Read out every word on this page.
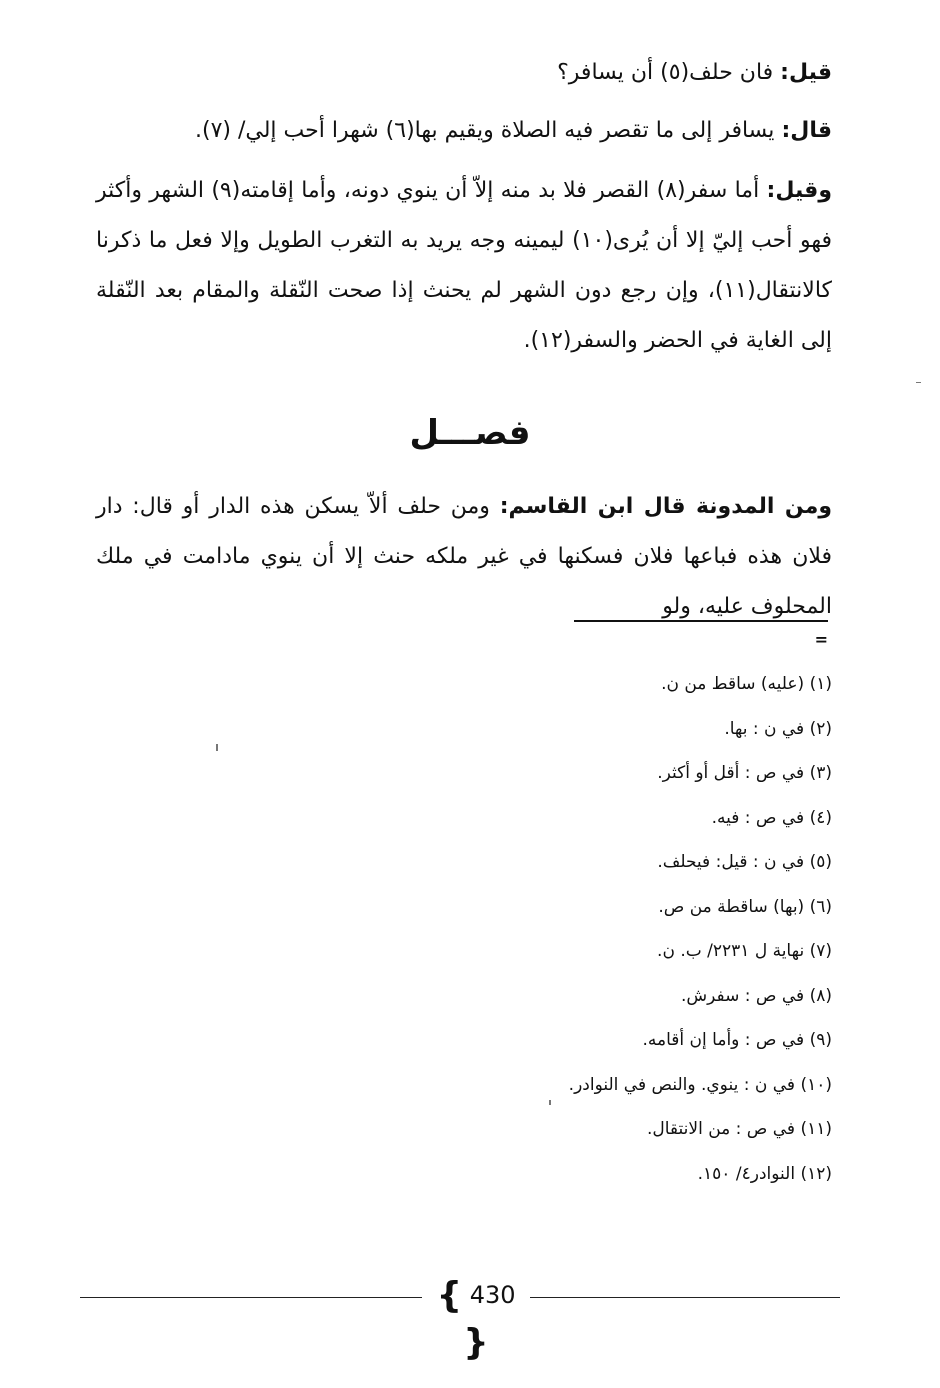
قيل: فان حلف(٥) أن يسافر؟

قال: يسافر إلى ما تقصر فيه الصلاة ويقيم بها(٦) شهرا أحب إلي/ (٧).

وقيل: أما سفر(٨) القصر فلا بد منه إلاّ أن ينوي دونه، وأما إقامته(٩) الشهر وأكثر فهو أحب إليّ إلا أن يُرى(١٠) ليمينه وجه يريد به التغرب الطويل وإلا فعل ما ذكرنا كالانتقال(١١)، وإن رجع دون الشهر لم يحنث إذا صحت النّقلة والمقام بعد النّقلة إلى الغاية في الحضر والسفر(١٢).

فصـــل

ومن المدونة قال ابن القاسم: ومن حلف ألاّ يسكن هذه الدار أو قال: دار فلان هذه فباعها فلان فسكنها في غير ملكه حنث إلا أن ينوي مادامت في ملك المحلوف عليه، ولو

=
(١) (عليه) ساقط من ن.
(٢) في ن : بها.
(٣) في ص : أقل أو أكثر.
(٤) في ص : فيه.
(٥) في ن : قيل: فيحلف.
(٦) (بها) ساقطة من ص.
(٧) نهاية ل ٢٢٣١/ ب. ن.
(٨) في ص : سفرش.
(٩) في ص : وأما إن أقامه.
(١٠) في ن : ينوي. والنص في النوادر.
(١١) في ص : من الانتقال.
(١٢) النوادر٤/ ١٥٠.
{ 430 }
